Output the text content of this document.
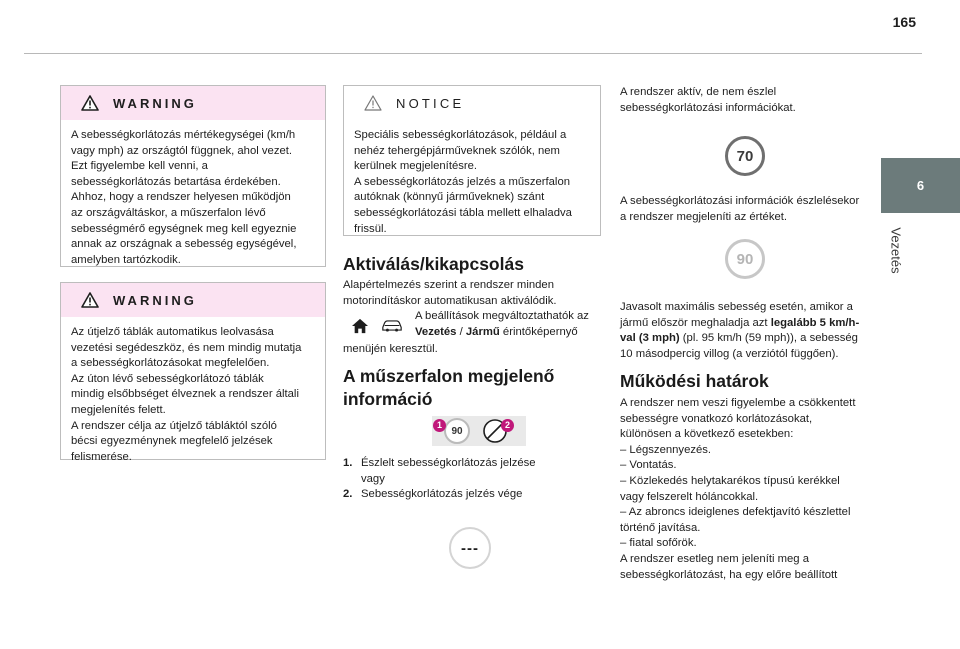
165
6
Vezetés
WARNING

A sebességkorlátozás mértékegységei (km/h
vagy mph) az országtól függnek, ahol vezet.
Ezt figyelembe kell venni, a
sebességkorlátozás betartása érdekében.
Ahhoz, hogy a rendszer helyesen működjön
az országváltáskor, a műszerfalon lévő
sebességmérő egységnek meg kell egyeznie
annak az országnak a sebesség egységével,
amelyben tartózkodik.

WARNING

Az útjelző táblák automatikus leolvasása
vezetési segédeszköz, és nem mindig mutatja
a sebességkorlátozásokat megfelelően.
Az úton lévő sebességkorlátozó táblák
mindig elsőbbséget élveznek a rendszer általi
megjelenítés felett.
A rendszer célja az útjelző tábláktól szóló
bécsi egyezménynek megfelelő jelzések
felismerése.

NOTICE

Speciális sebességkorlátozások, például a
nehéz tehergépjárműveknek szólók, nem
kerülnek megjelenítésre.
A sebességkorlátozás jelzés a műszerfalon
autóknak (könnyű járműveknek) szánt
sebességkorlátozási tábla mellett elhaladva
frissül.

Aktiválás/kikapcsolás

Alapértelmezés szerint a rendszer minden
motorindításkor automatikusan aktiválódik.

A beállítások megváltoztathatók az
Vezetés / Jármű érintőképernyő

menüjén keresztül.

A műszerfalon megjelenő
információ
90
1	2
1. Észlelt sebességkorlátozás jelzése
vagy

2. Sebességkorlátozás jelzés vége

---

A rendszer aktív, de nem észlel
sebességkorlátozási információkat.

70

A sebességkorlátozási információk észlelésekor
a rendszer megjeleníti az értéket.

90

Javasolt maximális sebesség esetén, amikor a
jármű először meghaladja azt legalább 5 km/h-
val (3 mph) (pl. 95 km/h (59 mph)), a sebesség
10 másodpercig villog (a verziótól függően).

Működési határok

A rendszer nem veszi figyelembe a csökkentett
sebességre vonatkozó korlátozásokat,
különösen a következő esetekben:
– Légszennyezés.
– Vontatás.
– Közlekedés helytakarékos típusú kerékkel
vagy felszerelt hóláncokkal.
– Az abroncs ideiglenes defektjavító készlettel
történő javítása.
– fiatal sofőrök.
A rendszer esetleg nem jeleníti meg a
sebességkorlátozást, ha egy előre beállított
